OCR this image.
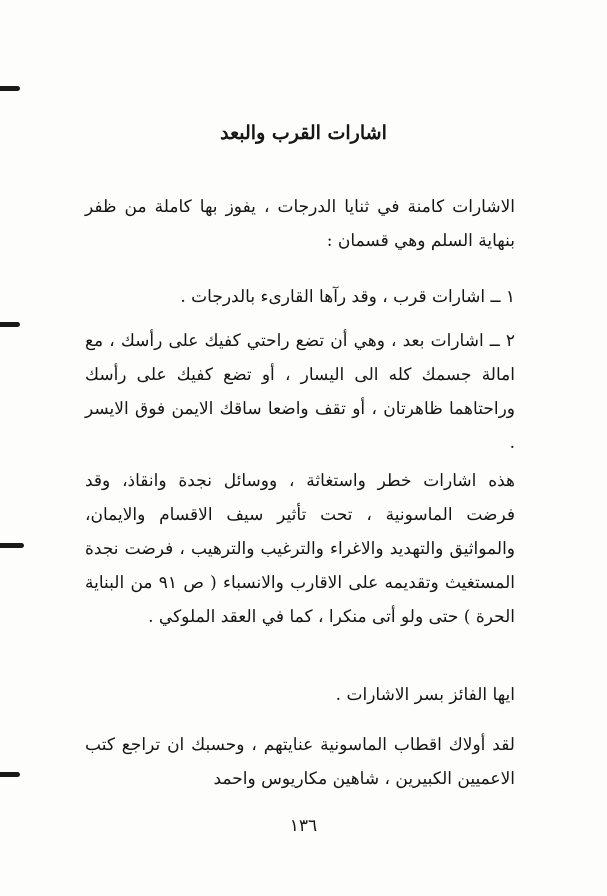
اشارات القرب والبعد
الاشارات كامنة في ثنايا الدرجات ، يفوز بها كاملة من ظفر بنهاية السلم وهي قسمان :
١ ــ اشارات قرب ، وقد رآها القارىء بالدرجات .
٢ ــ اشارات بعد ، وهي أن تضع راحتي كفيك على رأسك ، مع امالة جسمك كله الى اليسار ، أو تضع كفيك على رأسك وراحتاهما ظاهرتان ، أو تقف واضعا ساقك الايمن فوق الايسر .
هذه اشارات خطر واستغاثة ، ووسائل نجدة وانقاذ، وقد فرضت الماسونية ، تحت تأثير سيف الاقسام والايمان، والمواثيق والتهديد والاغراء والترغيب والترهيب ، فرضت نجدة المستغيث وتقديمه على الاقارب والانسباء ( ص ٩١ من البناية الحرة ) حتى ولو أتى منكرا ، كما في العقد الملوكي .
ايها الفائز بسر الاشارات .
لقد أولاك اقطاب الماسونية عنايتهم ، وحسبك ان تراجع كتب الاعميين الكبيرين ، شاهين مكاريوس واحمد
١٣٦
